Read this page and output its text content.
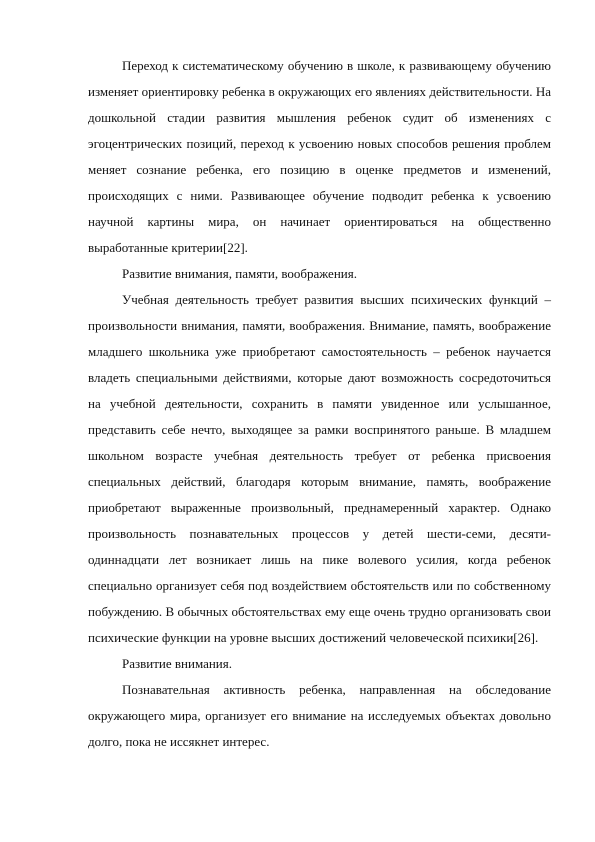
Переход к систематическому обучению в школе, к развивающему обучению изменяет ориентировку ребенка в окружающих его явлениях действительности. На дошкольной стадии развития мышления ребенок судит об изменениях с эгоцентрических позиций, переход к усвоению новых способов решения проблем меняет сознание ребенка, его позицию в оценке предметов и изменений, происходящих с ними. Развивающее обучение подводит ребенка к усвоению научной картины мира, он начинает ориентироваться на общественно выработанные критерии[22].

Развитие внимания, памяти, воображения.

Учебная деятельность требует развития высших психических функций – произвольности внимания, памяти, воображения. Внимание, память, воображение младшего школьника уже приобретают самостоятельность – ребенок научается владеть специальными действиями, которые дают возможность сосредоточиться на учебной деятельности, сохранить в памяти увиденное или услышанное, представить себе нечто, выходящее за рамки воспринятого раньше. В младшем школьном возрасте учебная деятельность требует от ребенка присвоения специальных действий, благодаря которым внимание, память, воображение приобретают выраженные произвольный, преднамеренный характер. Однако произвольность познавательных процессов у детей шести-семи, десяти-одиннадцати лет возникает лишь на пике волевого усилия, когда ребенок специально организует себя под воздействием обстоятельств или по собственному побуждению. В обычных обстоятельствах ему еще очень трудно организовать свои психические функции на уровне высших достижений человеческой психики[26].

Развитие внимания.

Познавательная активность ребенка, направленная на обследование окружающего мира, организует его внимание на исследуемых объектах довольно долго, пока не иссякнет интерес.
